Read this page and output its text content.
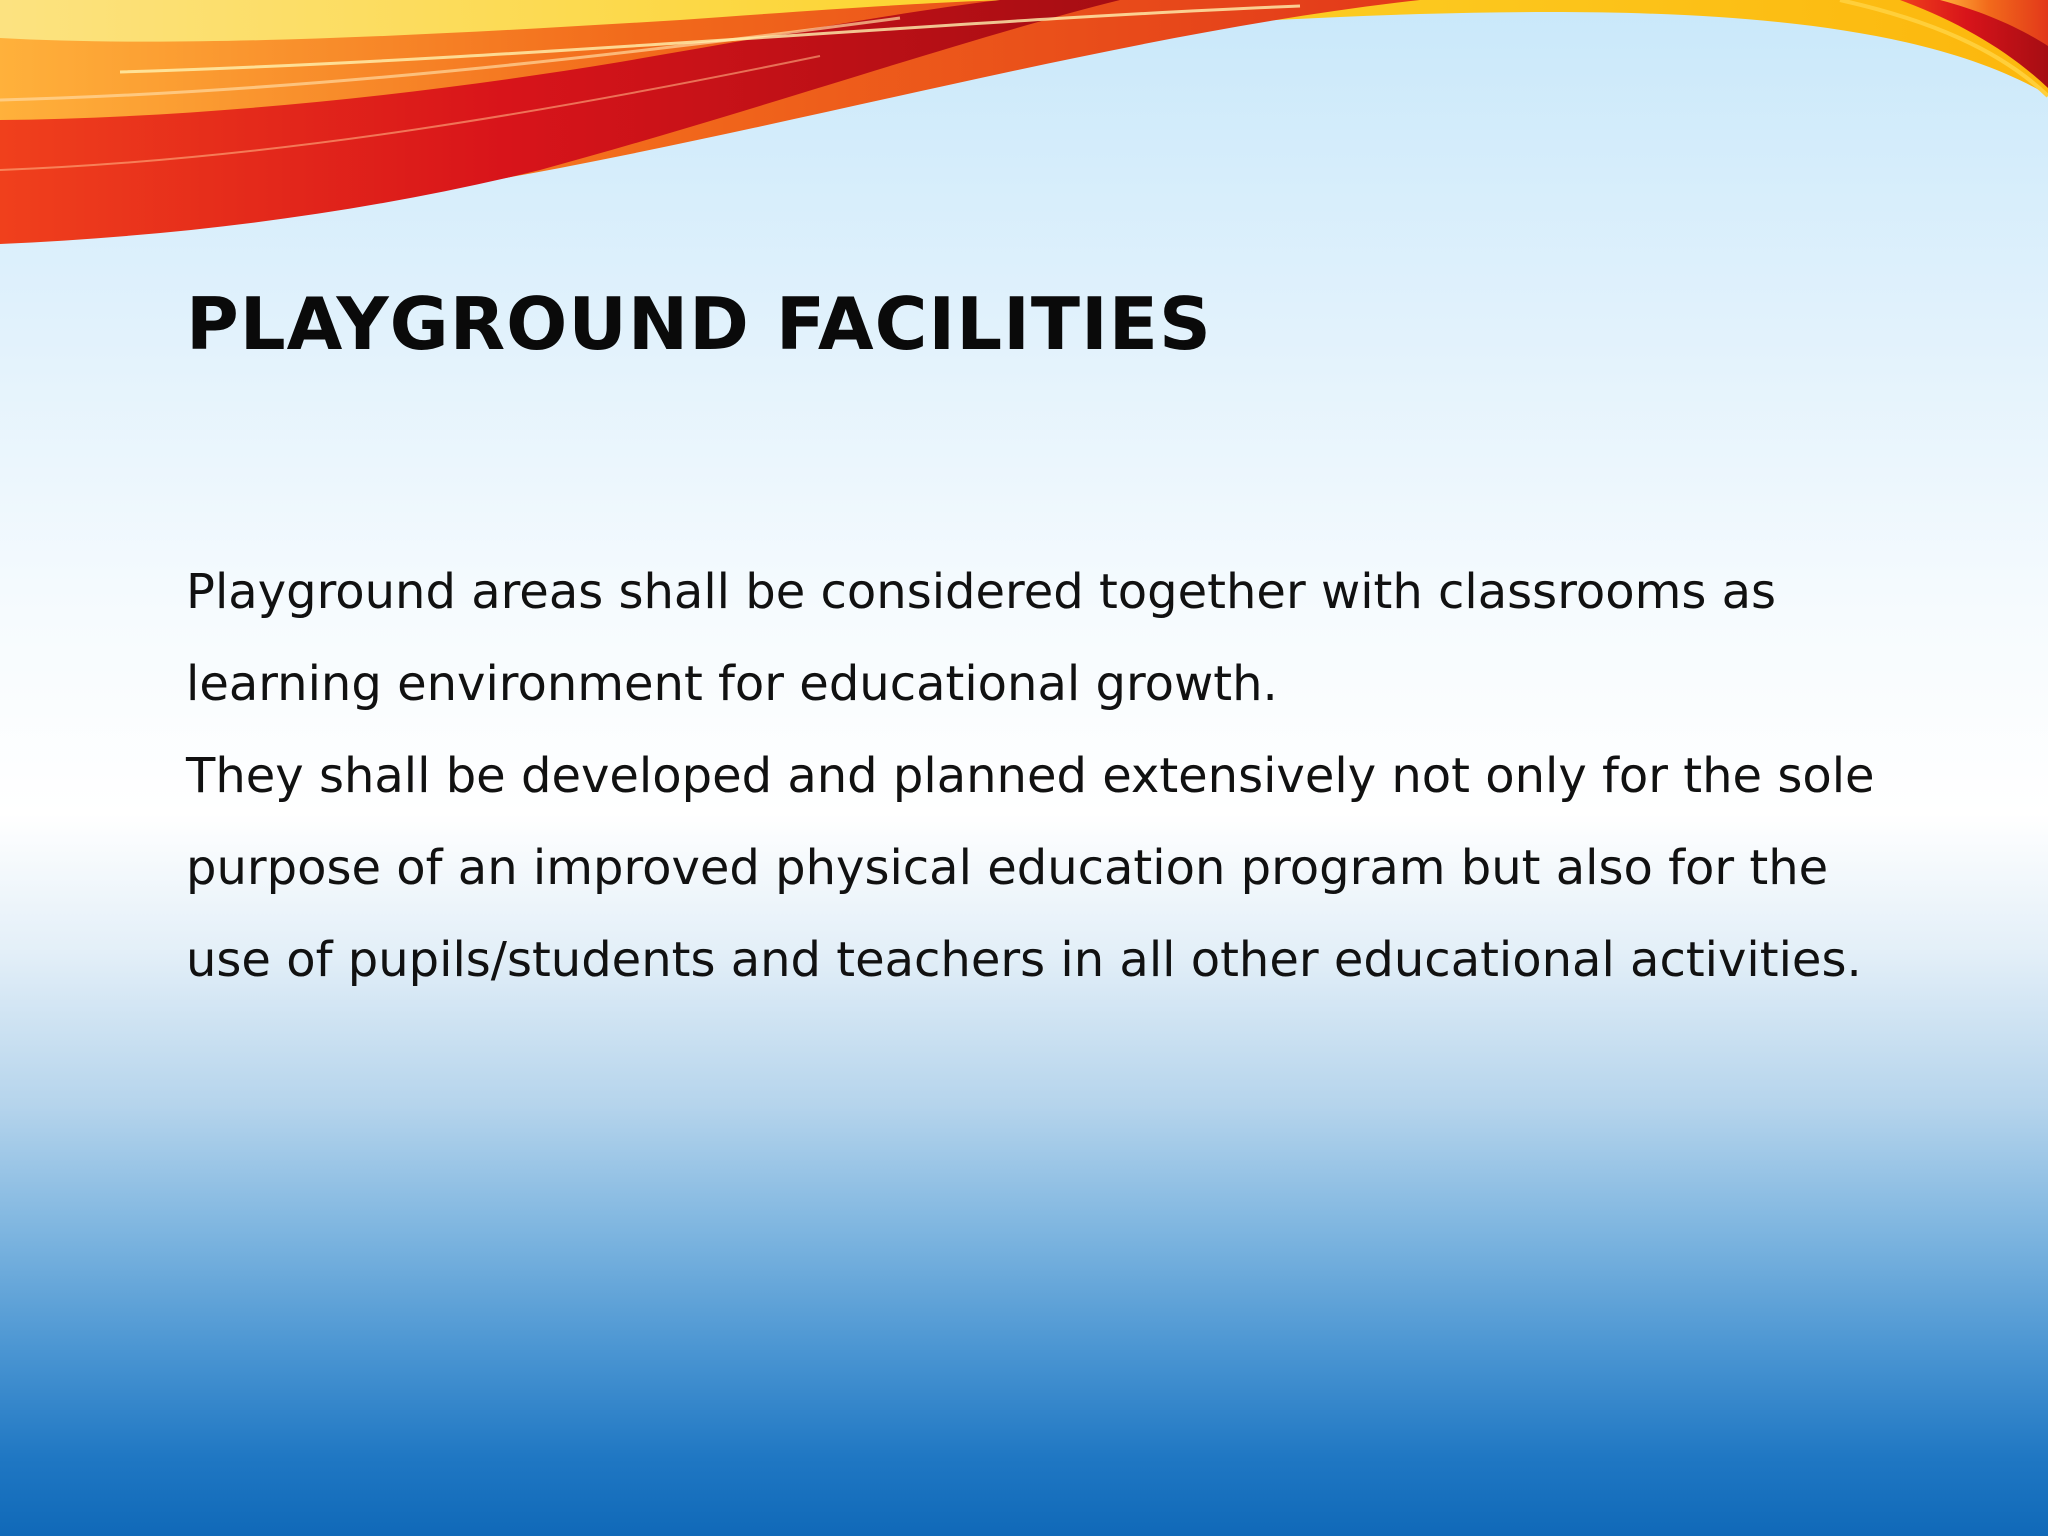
PLAYGROUND FACILITIES

Playground areas shall be considered together with classrooms as learning environment for educational growth.

They shall be developed and planned extensively not only for the sole purpose of an improved physical education program but also for the use of pupils/students and teachers in all other educational activities.
